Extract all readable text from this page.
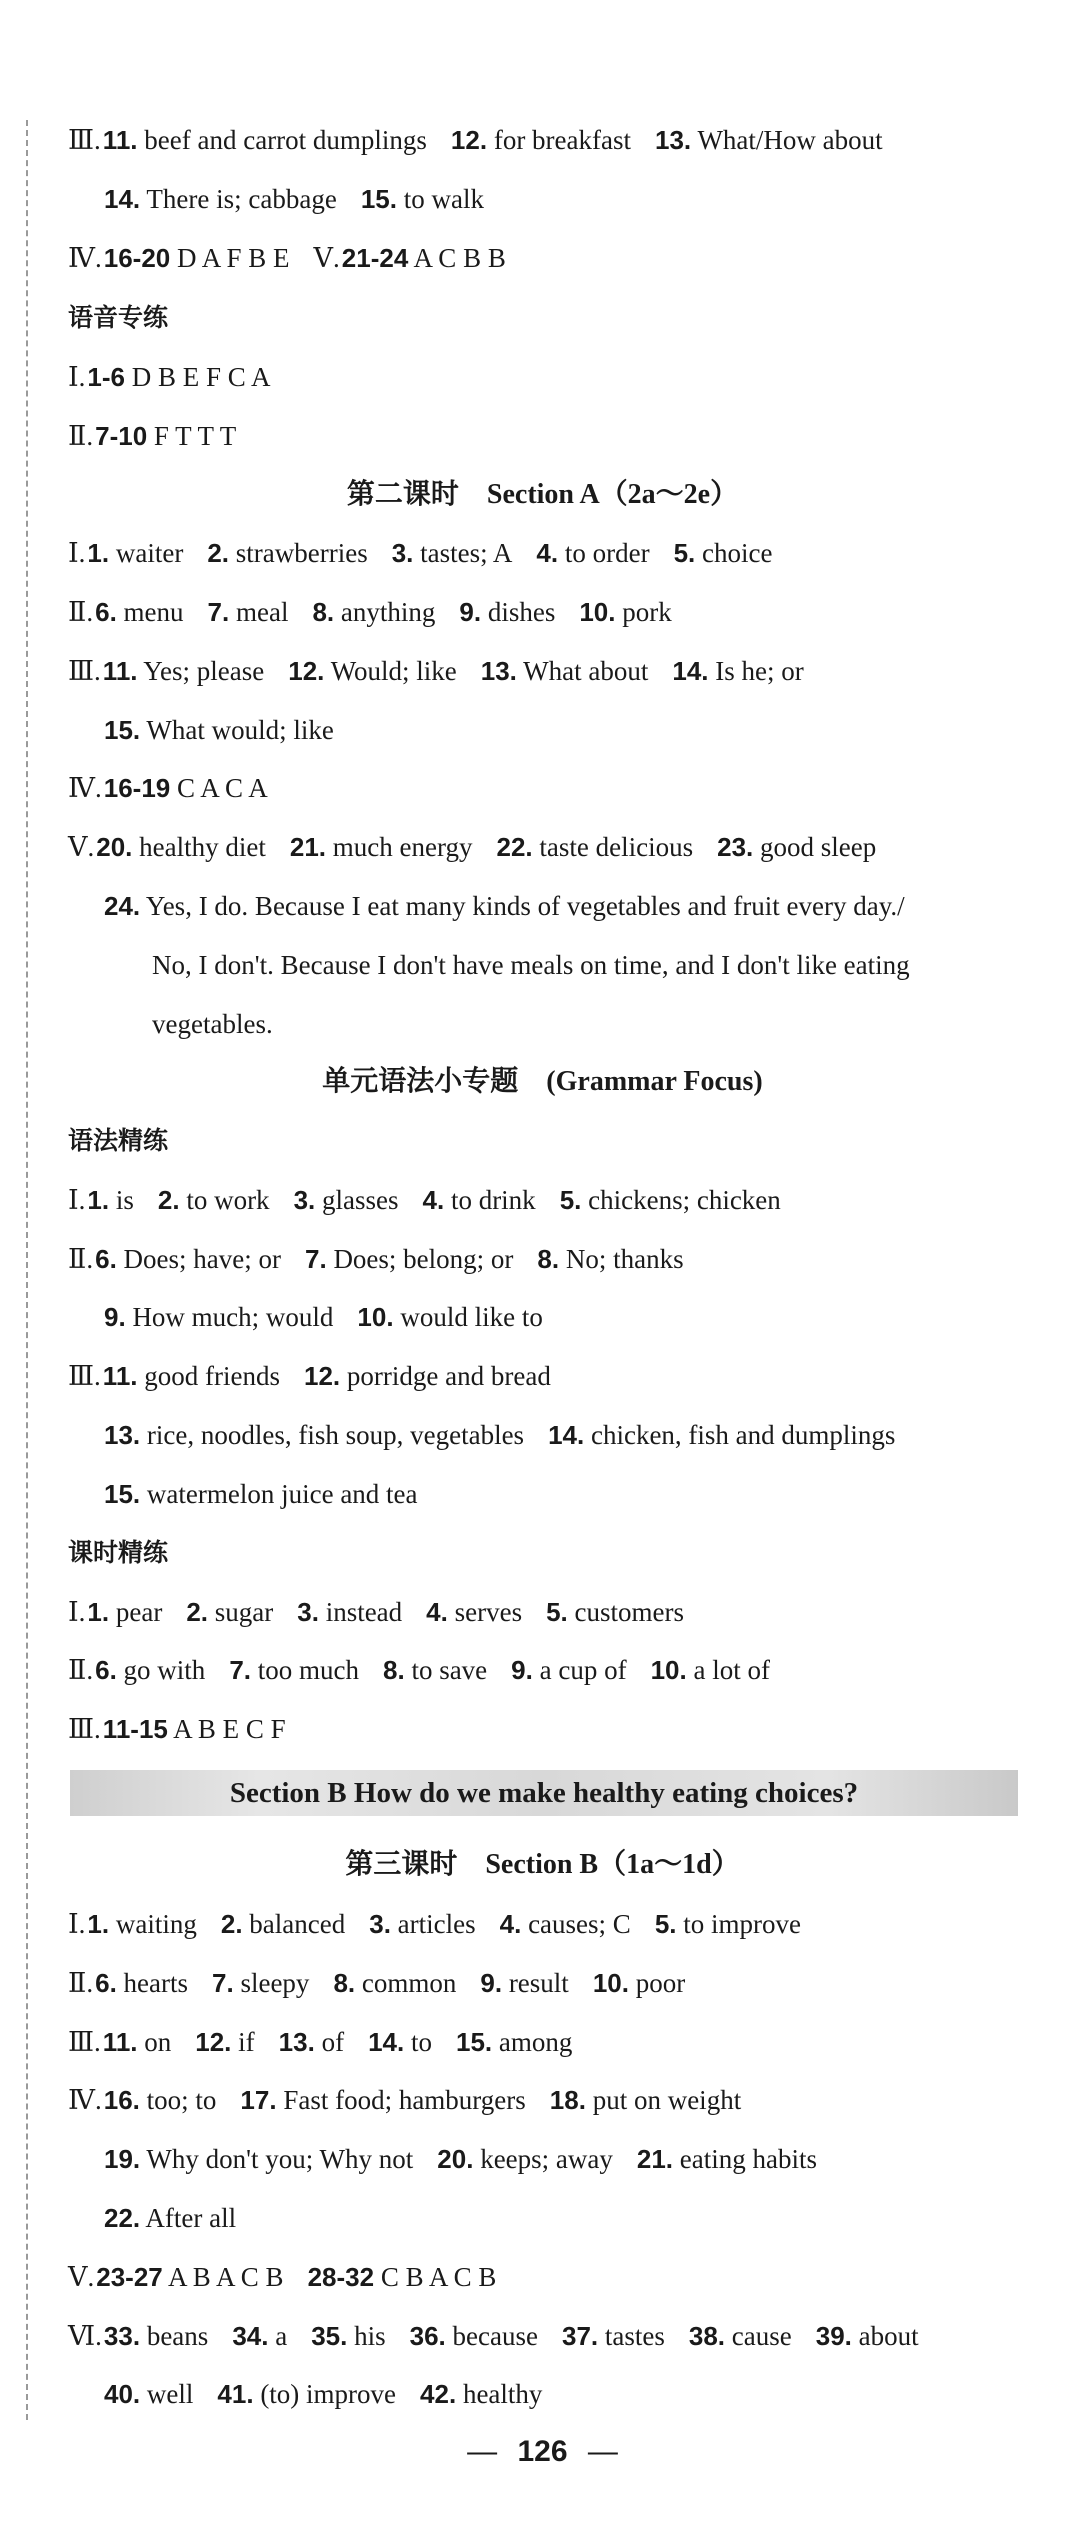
Ⅲ.11. beef and carrot dumplings 12. for breakfast 13. What/How about
14. There is; cabbage 15. to walk
Ⅳ.16-20 D A F B E Ⅴ.21-24 A C B B
语音专练
Ⅰ.1-6 D B E F C A
Ⅱ.7-10 F T T T
第二课时　Section A（2a～2e）
Ⅰ.1. waiter 2. strawberries 3. tastes; A 4. to order 5. choice
Ⅱ.6. menu 7. meal 8. anything 9. dishes 10. pork
Ⅲ.11. Yes; please 12. Would; like 13. What about 14. Is he; or
15. What would; like
Ⅳ.16-19 C A C A
Ⅴ.20. healthy diet 21. much energy 22. taste delicious 23. good sleep
24. Yes, I do. Because I eat many kinds of vegetables and fruit every day./
No, I don't. Because I don't have meals on time, and I don't like eating
vegetables.
单元语法小专题　(Grammar Focus)
语法精练
Ⅰ.1. is 2. to work 3. glasses 4. to drink 5. chickens; chicken
Ⅱ.6. Does; have; or 7. Does; belong; or 8. No; thanks
9. How much; would 10. would like to
Ⅲ.11. good friends 12. porridge and bread
13. rice, noodles, fish soup, vegetables 14. chicken, fish and dumplings
15. watermelon juice and tea
课时精练
Ⅰ.1. pear 2. sugar 3. instead 4. serves 5. customers
Ⅱ.6. go with 7. too much 8. to save 9. a cup of 10. a lot of
Ⅲ.11-15 A B E C F
第三课时　Section B（1a～1d）
Ⅰ.1. waiting 2. balanced 3. articles 4. causes; C 5. to improve
Ⅱ.6. hearts 7. sleepy 8. common 9. result 10. poor
Ⅲ.11. on 12. if 13. of 14. to 15. among
Ⅳ.16. too; to 17. Fast food; hamburgers 18. put on weight
19. Why don't you; Why not 20. keeps; away 21. eating habits
22. After all
Ⅴ.23-27 A B A C B 28-32 C B A C B
Ⅵ.33. beans 34. a 35. his 36. because 37. tastes 38. cause 39. about
40. well 41. (to) improve 42. healthy
Section B How do we make healthy eating choices?
— 126 —
